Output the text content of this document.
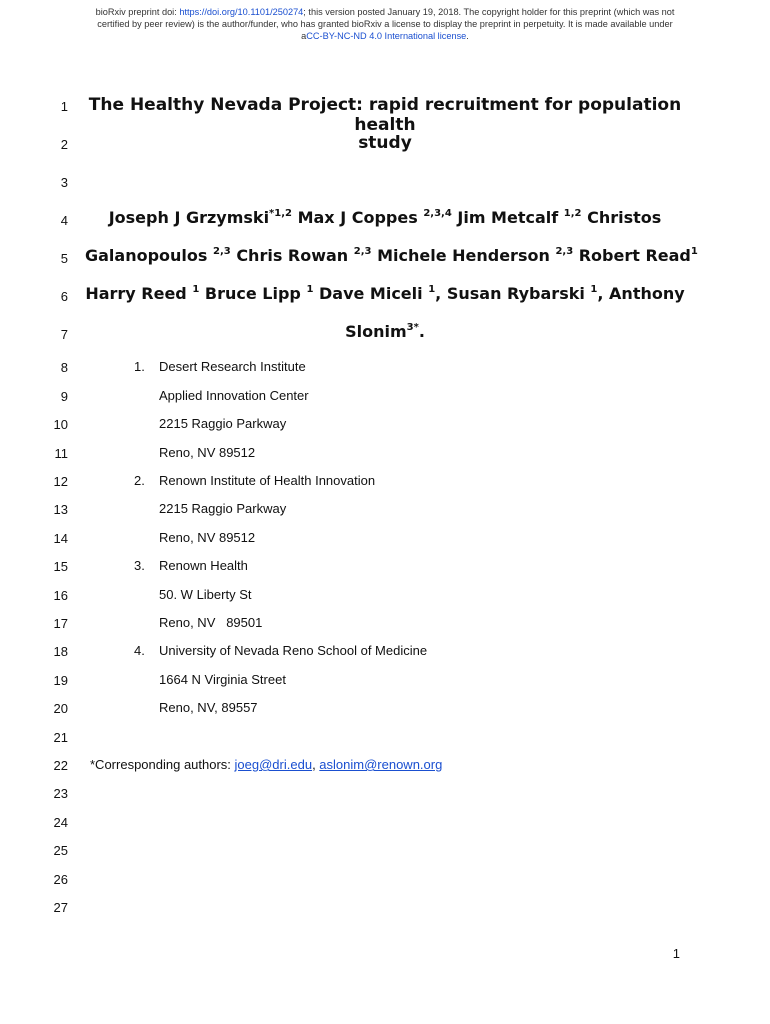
bioRxiv preprint doi: https://doi.org/10.1101/250274; this version posted January 19, 2018. The copyright holder for this preprint (which was not
certified by peer review) is the author/funder, who has granted bioRxiv a license to display the preprint in perpetuity. It is made available under
aCC-BY-NC-ND 4.0 International license.
1
2
3
4
5
6
7
8
9
10
11
12
13
14
15
16
17
18
19
20
21
22
23
24
25
26
27
The Healthy Nevada Project: rapid recruitment for population health
study
Joseph J Grzymski$^{*1,2}$ Max J Coppes $^{2,3,4}$ Jim Metcalf $^{1,2}$ Christos
Galanopoulos $^{2,3}$ Chris Rowan $^{2,3}$ Michele Henderson $^{2,3}$ Robert Read$^1$
Harry Reed $^1$ Bruce Lipp $^1$ Dave Miceli $^1$, Susan Rybarski $^1$, Anthony
Slonim$^{3*}$.
1. Desert Research Institute
Applied Innovation Center
2215 Raggio Parkway
Reno, NV 89512
2. Renown Institute of Health Innovation
2215 Raggio Parkway
Reno, NV 89512
3. Renown Health
50. W Liberty St
Reno, NV   89501
4. University of Nevada Reno School of Medicine
1664 N Virginia Street
Reno, NV, 89557
*Corresponding authors: joeg@dri.edu, aslonim@renown.org
1
